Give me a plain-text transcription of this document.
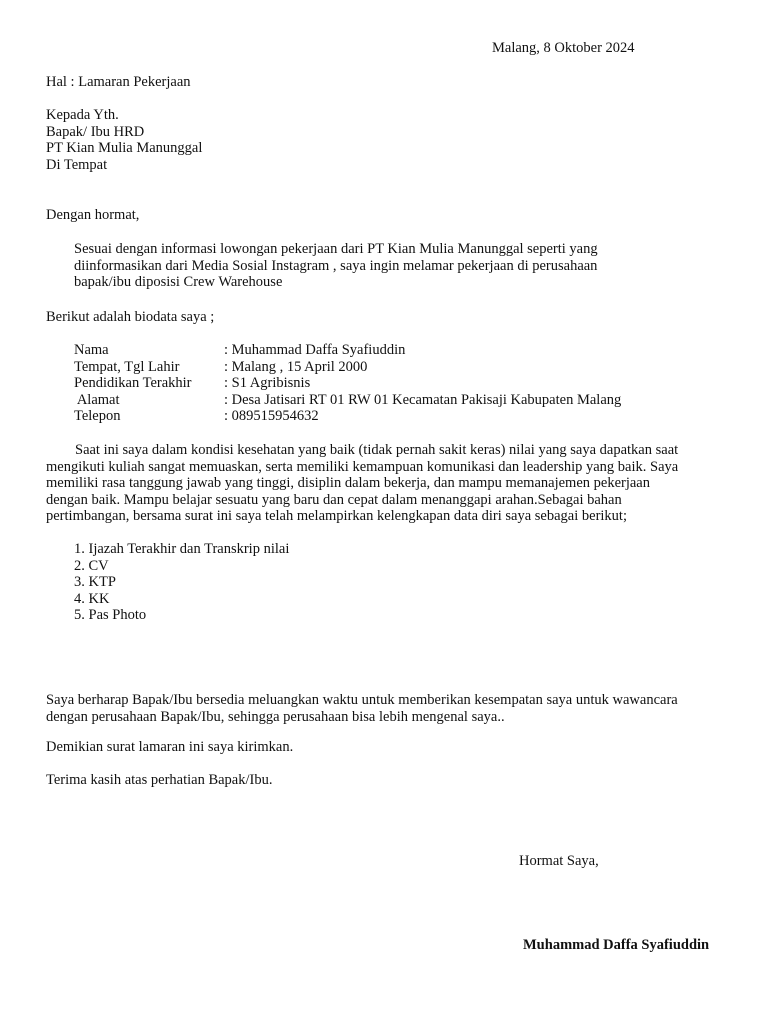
Malang, 8 Oktober 2024
Hal : Lamaran Pekerjaan
Kepada Yth.
Bapak/ Ibu HRD
PT Kian Mulia Manunggal
Di Tempat
Dengan hormat,
Sesuai dengan informasi lowongan pekerjaan dari PT Kian Mulia Manunggal seperti yang
diinformasikan dari Media Sosial Instagram , saya ingin melamar pekerjaan di perusahaan
bapak/ibu diposisi Crew Warehouse
Berikut adalah biodata saya ;
Nama	: Muhammad Daffa Syafiuddin
Tempat, Tgl Lahir	: Malang , 15 April 2000
Pendidikan Terakhir : S1 Agribisnis
Alamat	: Desa Jatisari RT 01 RW 01 Kecamatan Pakisaji Kabupaten Malang
Telepon	: 089515954632
Saat ini saya dalam kondisi kesehatan yang baik (tidak pernah sakit keras) nilai yang saya dapatkan saat
mengikuti kuliah sangat memuaskan, serta memiliki kemampuan komunikasi dan leadership yang baik. Saya
memiliki rasa tanggung jawab yang tinggi, disiplin dalam bekerja, dan mampu memanajemen pekerjaan
dengan baik. Mampu belajar sesuatu yang baru dan cepat dalam menanggapi arahan.Sebagai bahan
pertimbangan, bersama surat ini saya telah melampirkan kelengkapan data diri saya sebagai berikut;
1. Ijazah Terakhir dan Transkrip nilai
2. CV
3. KTP
4. KK
5. Pas Photo
Saya berharap Bapak/Ibu bersedia meluangkan waktu untuk memberikan kesempatan saya untuk wawancara
dengan perusahaan Bapak/Ibu, sehingga perusahaan bisa lebih mengenal saya..
Demikian surat lamaran ini saya kirimkan.
Terima kasih atas perhatian Bapak/Ibu.
Hormat Saya,
Muhammad Daffa Syafiuddin
